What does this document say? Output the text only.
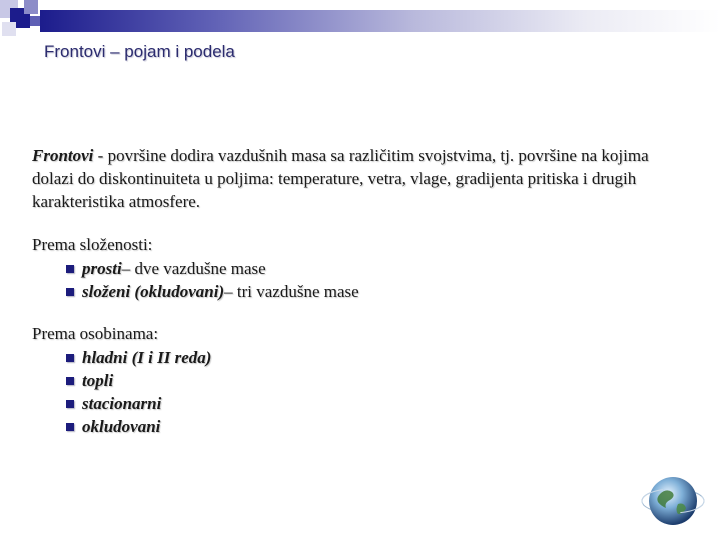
Frontovi – pojam i podela
Frontovi - površine dodira vazdušnih masa sa različitim svojstvima, tj. površine na kojima dolazi do diskontinuiteta u poljima: temperature, vetra, vlage, gradijenta pritiska i drugih karakteristika atmosfere.
Prema složenosti:
prosti – dve vazdušne mase
složeni (okludovani) – tri vazdušne mase
Prema osobinama:
hladni (I i II reda)
topli
stacionarni
okludovani
